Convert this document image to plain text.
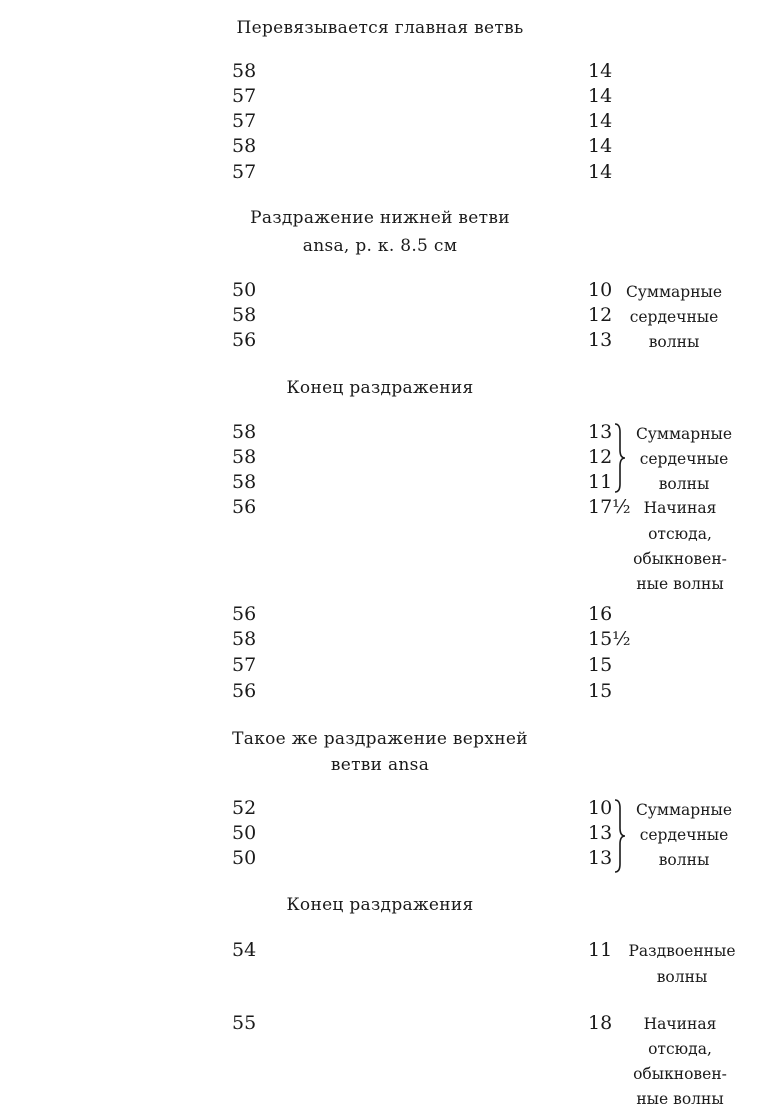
Перевязывается главная ветвь
58	14
57	14
57	14
58	14
57	14
Раздражение нижней ветви
ansa, р. к. 8.5 см
50	10
58	12
56	13
Суммарные
сердечные
волны
Конец раздражения
58	13
58	12
58	11
56	17½
Суммарные
сердечные
волны
Начиная
отсюда,
обыкновен-
ные волны
56	16
58	15½
57	15
56	15
Такое же раздражение верхней
ветви ansa
52	10
50	13
50	13
Суммарные
сердечные
волны
Конец раздражения
54	11	Раздвоенные
волны
55	18	Начиная
отсюда,
обыкновен-
ные волны
